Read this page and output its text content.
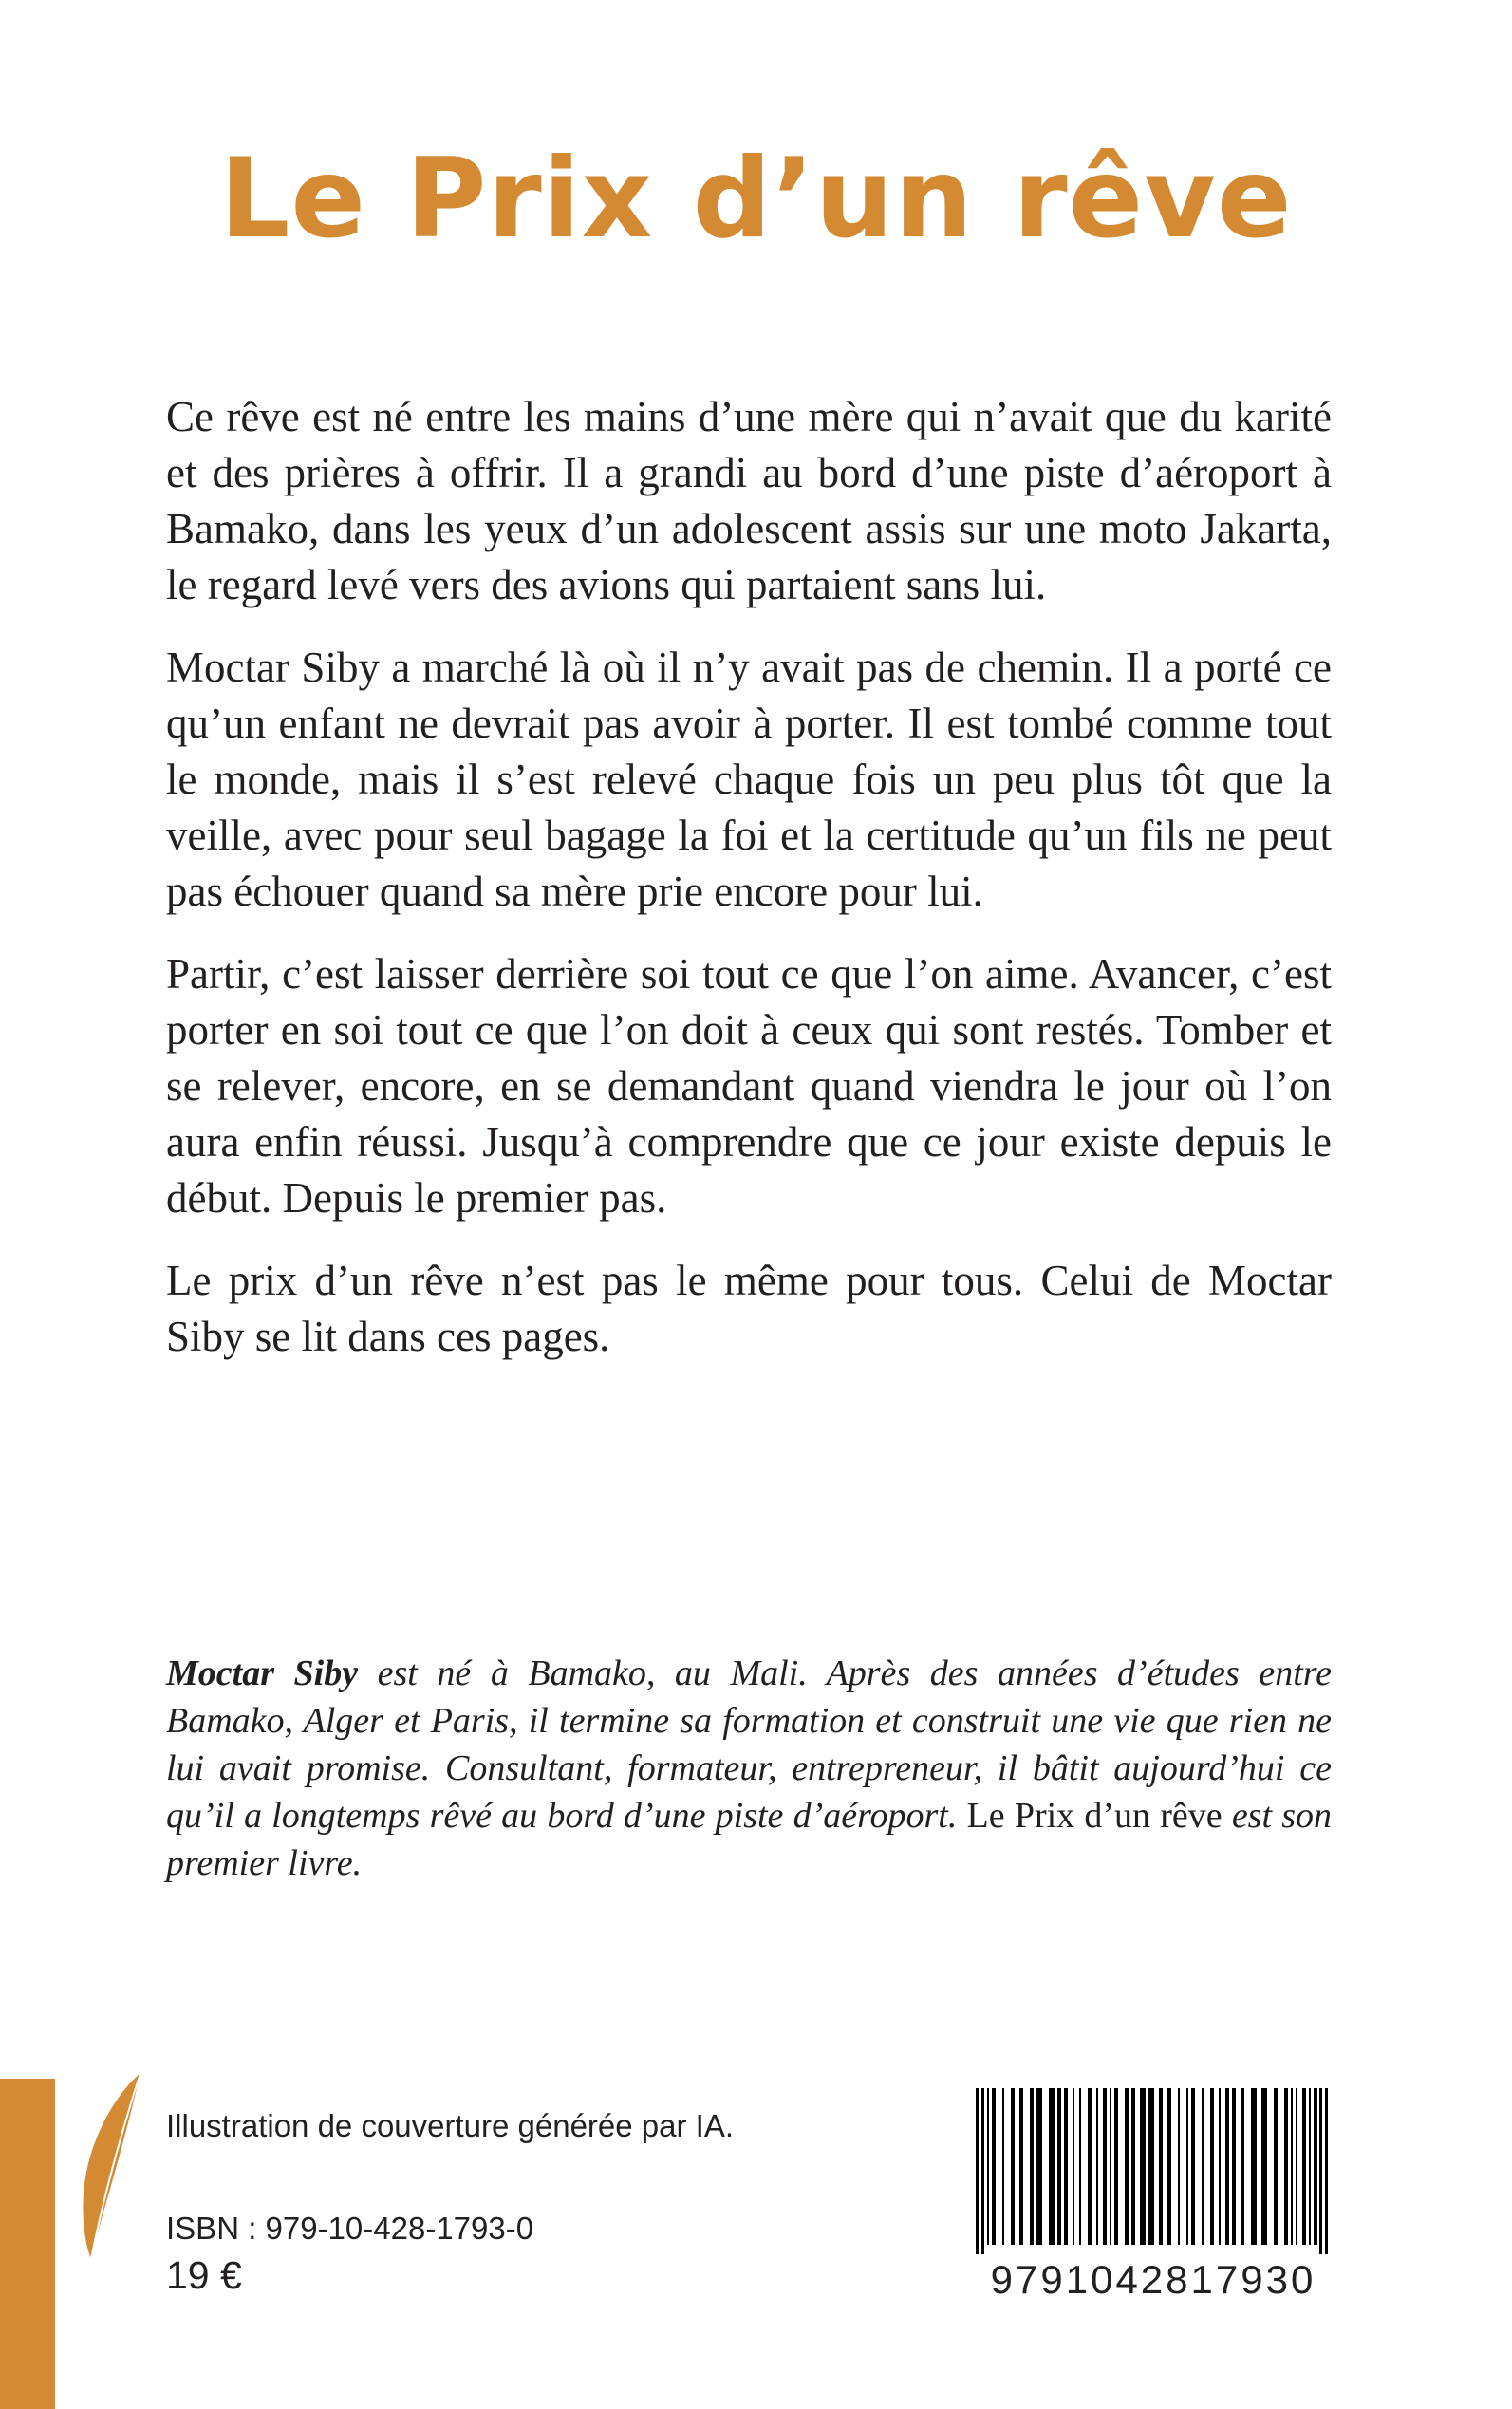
Le Prix d’un rêve

Ce rêve est né entre les mains d’une mère qui n’avait que du karité et des prières à offrir. Il a grandi au bord d’une piste d’aéroport à Bamako, dans les yeux d’un adolescent assis sur une moto Jakarta, le regard levé vers des avions qui partaient sans lui.

Moctar Siby a marché là où il n’y avait pas de chemin. Il a porté ce qu’un enfant ne devrait pas avoir à porter. Il est tombé comme tout le monde, mais il s’est relevé chaque fois un peu plus tôt que la veille, avec pour seul bagage la foi et la certitude qu’un fils ne peut pas échouer quand sa mère prie encore pour lui.

Partir, c’est laisser derrière soi tout ce que l’on aime. Avancer, c’est porter en soi tout ce que l’on doit à ceux qui sont restés. Tomber et se relever, encore, en se demandant quand viendra le jour où l’on aura enfin réussi. Jusqu’à comprendre que ce jour existe depuis le début. Depuis le premier pas.

Le prix d’un rêve n’est pas le même pour tous. Celui de Moctar Siby se lit dans ces pages.

Moctar Siby est né à Bamako, au Mali. Après des années d’études entre Bamako, Alger et Paris, il termine sa formation et construit une vie que rien ne lui avait promise. Consultant, formateur, entrepreneur, il bâtit aujourd’hui ce qu’il a longtemps rêvé au bord d’une piste d’aéroport. Le Prix d’un rêve est son premier livre.

Illustration de couverture générée par IA.

ISBN : 979-10-428-1793-0

19 €	9791042817930
